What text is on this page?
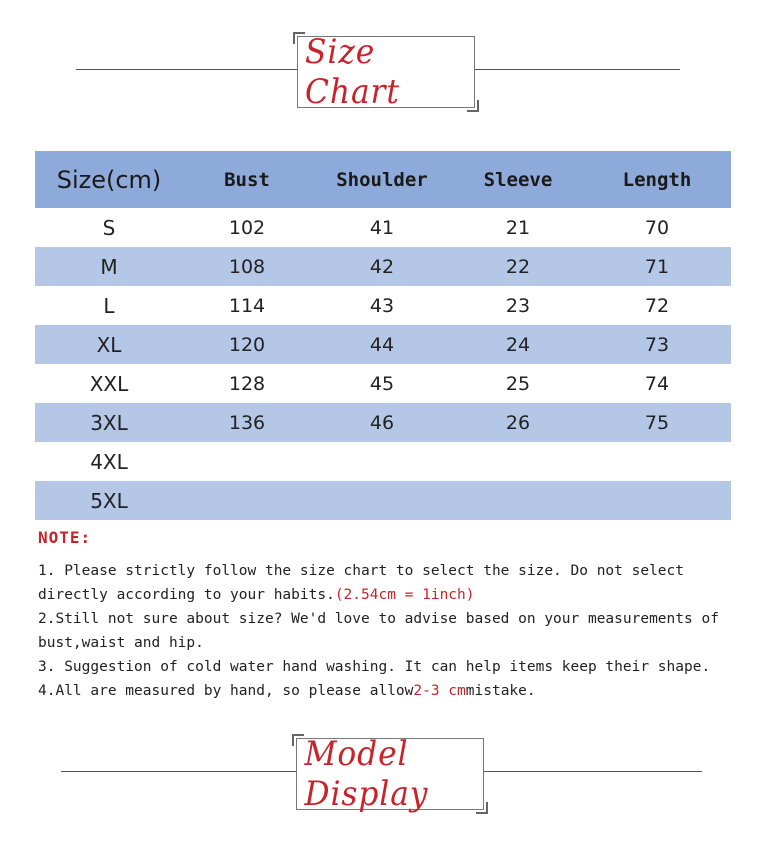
Size Chart
Size(cm)	Bust	Shoulder	Sleeve	Length
S	102	41	21	70
M	108	42	22	71
L	114	43	23	72
XL	120	44	24	73
XXL	128	45	25	74
3XL	136	46	26	75
4XL
5XL
NOTE:

1. Please strictly follow the size chart to select the size. Do not select directly according to your habits.(2.54cm = 1inch)

2.Still not sure about size? We'd love to advise based on your measurements of bust,waist and hip.

3. Suggestion of cold water hand washing. It can help items keep their shape.

4.All are measured by hand, so please allow2-3 cmmistake.

Model Display
